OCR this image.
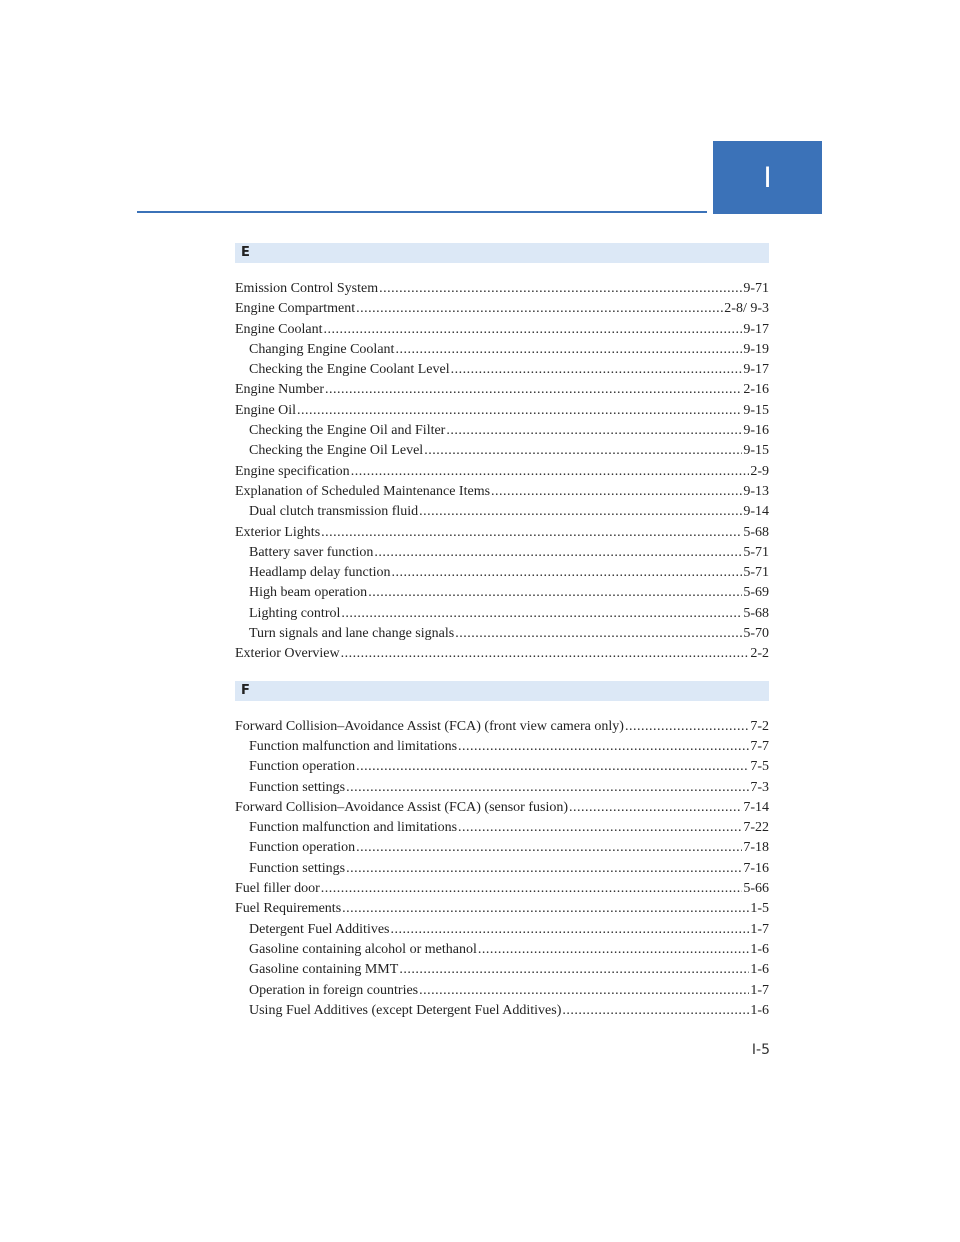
I
E
Emission Control System .....	9-71
Engine Compartment .....	2-8/ 9-3
Engine Coolant .....	9-17
Changing Engine Coolant .....	9-19
Checking the Engine Coolant Level .....	9-17
Engine Number .....	2-16
Engine Oil .....	9-15
Checking the Engine Oil and Filter .....	9-16
Checking the Engine Oil Level .....	9-15
Engine specification .....	2-9
Explanation of Scheduled Maintenance Items .....	9-13
Dual clutch transmission fluid .....	9-14
Exterior Lights .....	5-68
Battery saver function .....	5-71
Headlamp delay function .....	5-71
High beam operation .....	5-69
Lighting control .....	5-68
Turn signals and lane change signals .....	5-70
Exterior Overview .....	2-2
F
Forward Collision–Avoidance Assist (FCA) (front view camera only) .....	7-2
Function malfunction and limitations .....	7-7
Function operation .....	7-5
Function settings .....	7-3
Forward Collision–Avoidance Assist (FCA) (sensor fusion) .....	7-14
Function malfunction and limitations .....	7-22
Function operation .....	7-18
Function settings .....	7-16
Fuel filler door .....	5-66
Fuel Requirements .....	1-5
Detergent Fuel Additives .....	1-7
Gasoline containing alcohol or methanol .....	1-6
Gasoline containing MMT .....	1-6
Operation in foreign countries .....	1-7
Using Fuel Additives (except Detergent Fuel Additives) .....	1-6
I-5
